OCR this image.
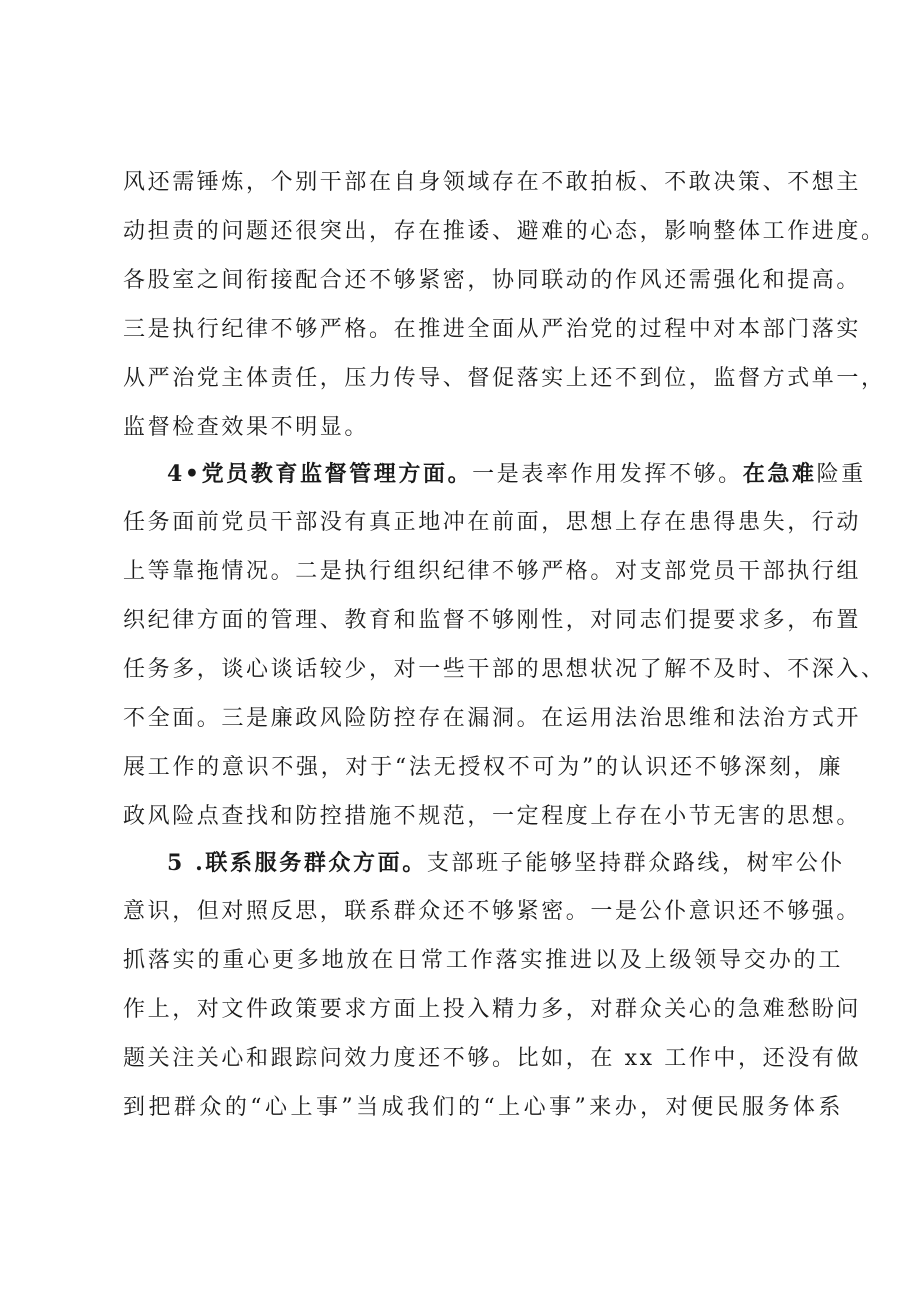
风还需锤炼，个别干部在自身领域存在不敢拍板、不敢决策、不想主
动担责的问题还很突出，存在推诿、避难的心态，影响整体工作进度。
各股室之间衔接配合还不够紧密，协同联动的作风还需强化和提高。
三是执行纪律不够严格。在推进全面从严治党的过程中对本部门落实
从严治党主体责任，压力传导、督促落实上还不到位，监督方式单一，
监督检查效果不明显。
4•党员教育监督管理方面。一是表率作用发挥不够。在急难险重
任务面前党员干部没有真正地冲在前面，思想上存在患得患失，行动
上等靠拖情况。二是执行组织纪律不够严格。对支部党员干部执行组
织纪律方面的管理、教育和监督不够刚性，对同志们提要求多，布置
任务多，谈心谈话较少，对一些干部的思想状况了解不及时、不深入、
不全面。三是廉政风险防控存在漏洞。在运用法治思维和法治方式开
展工作的意识不强，对于“法无授权不可为”的认识还不够深刻，廉
政风险点查找和防控措施不规范，一定程度上存在小节无害的思想。
5 .联系服务群众方面。支部班子能够坚持群众路线，树牢公仆
意识，但对照反思，联系群众还不够紧密。一是公仆意识还不够强。
抓落实的重心更多地放在日常工作落实推进以及上级领导交办的工
作上，对文件政策要求方面上投入精力多，对群众关心的急难愁盼问
题关注关心和跟踪问效力度还不够。比如，在 xx 工作中，还没有做
到把群众的“心上事”当成我们的“上心事”来办，对便民服务体系
